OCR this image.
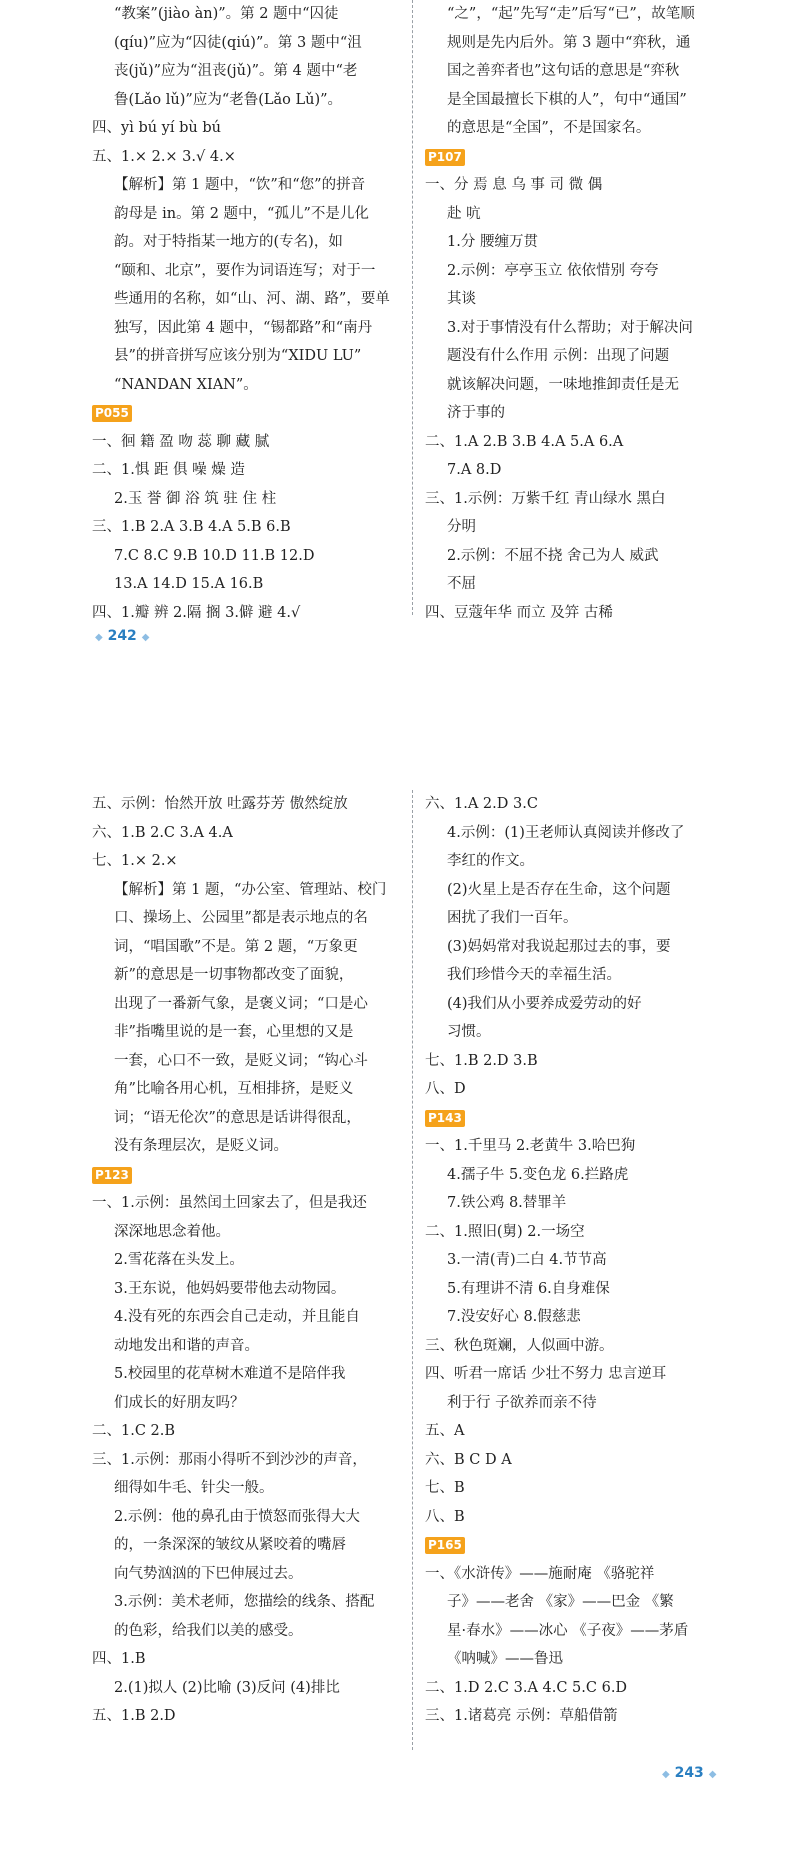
“教案”(jiào àn)”。第 2 题中“囚徒
(qíu)”应为“囚徒(qiú)”。第 3 题中“沮
丧(jǔ)”应为“沮丧(jǔ)”。第 4 题中“老
鲁(Lǎo lǔ)”应为“老鲁(Lǎo Lǔ)”。
四、yì bú yí bù bú
五、1.× 2.× 3.√ 4.×
【解析】第 1 题中，“饮”和“您”的拼音
韵母是 in。第 2 题中，“孤儿”不是儿化
韵。对于特指某一地方的(专名)，如
“颐和、北京”，要作为词语连写；对于一
些通用的名称，如“山、河、湖、路”，要单
独写，因此第 4 题中，“锡都路”和“南丹
县”的拼音拼写应该分别为“XIDU LU”
“NANDAN XIAN”。
P055
一、徊 籍 盈 吻 蕊 聊 藏 腻
二、1.惧 距 俱 噪 燥 造
2.玉 誉 御 浴 筑 驻 住 柱
三、1.B 2.A 3.B 4.A 5.B 6.B
7.C 8.C 9.B 10.D 11.B 12.D
13.A 14.D 15.A 16.B
四、1.瓣 辨 2.隔 搁 3.僻 避 4.√
“之”，“起”先写“走”后写“已”，故笔顺
规则是先内后外。第 3 题中“弈秋，通
国之善弈者也”这句话的意思是“弈秋
是全国最擅长下棋的人”，句中“通国”
的意思是“全国”，不是国家名。
P107
一、分 焉 息 乌 事 司 微 偶
赴 吭
1.分 腰缠万贯
2.示例：亭亭玉立 依依惜别 夸夸
其谈
3.对于事情没有什么帮助；对于解决问
题没有什么作用 示例：出现了问题
就该解决问题，一味地推卸责任是无
济于事的
二、1.A 2.B 3.B 4.A 5.A 6.A
7.A 8.D
三、1.示例：万紫千红 青山绿水 黑白
分明
2.示例：不屈不挠 舍己为人 威武
不屈
四、豆蔻年华 而立 及笄 古稀
◆ 242 ◆
五、示例：怡然开放 吐露芬芳 傲然绽放
六、1.B 2.C 3.A 4.A
七、1.× 2.×
【解析】第 1 题，“办公室、管理站、校门
口、操场上、公园里”都是表示地点的名
词，“唱国歌”不是。第 2 题，“万象更
新”的意思是一切事物都改变了面貌，
出现了一番新气象，是褒义词；“口是心
非”指嘴里说的是一套，心里想的又是
一套，心口不一致，是贬义词；“钩心斗
角”比喻各用心机，互相排挤，是贬义
词；“语无伦次”的意思是话讲得很乱，
没有条理层次，是贬义词。
P123
一、1.示例：虽然闰土回家去了，但是我还
深深地思念着他。
2.雪花落在头发上。
3.王东说，他妈妈要带他去动物园。
4.没有死的东西会自己走动，并且能自
动地发出和谐的声音。
5.校园里的花草树木难道不是陪伴我
们成长的好朋友吗？
二、1.C 2.B
三、1.示例：那雨小得听不到沙沙的声音，
细得如牛毛、针尖一般。
2.示例：他的鼻孔由于愤怒而张得大大
的，一条深深的皱纹从紧咬着的嘴唇
向气势汹汹的下巴伸展过去。
3.示例：美术老师，您描绘的线条、搭配
的色彩，给我们以美的感受。
四、1.B
2.(1)拟人 (2)比喻 (3)反问 (4)排比
五、1.B 2.D
六、1.A 2.D 3.C
4.示例：(1)王老师认真阅读并修改了
李红的作文。
(2)火星上是否存在生命，这个问题
困扰了我们一百年。
(3)妈妈常对我说起那过去的事，要
我们珍惜今天的幸福生活。
(4)我们从小要养成爱劳动的好
习惯。
七、1.B 2.D 3.B
八、D
P143
一、1.千里马 2.老黄牛 3.哈巴狗
4.孺子牛 5.变色龙 6.拦路虎
7.铁公鸡 8.替罪羊
二、1.照旧(舅) 2.一场空
3.一清(青)二白 4.节节高
5.有理讲不清 6.自身难保
7.没安好心 8.假慈悲
三、秋色斑斓，人似画中游。
四、听君一席话 少壮不努力 忠言逆耳
利于行 子欲养而亲不待
五、A
六、B C D A
七、B
八、B
P165
一、《水浒传》——施耐庵 《骆驼祥
子》——老舍 《家》——巴金 《繁
星·春水》——冰心 《子夜》——茅盾
《呐喊》——鲁迅
二、1.D 2.C 3.A 4.C 5.C 6.D
三、1.诸葛亮 示例：草船借箭
◆ 243 ◆
